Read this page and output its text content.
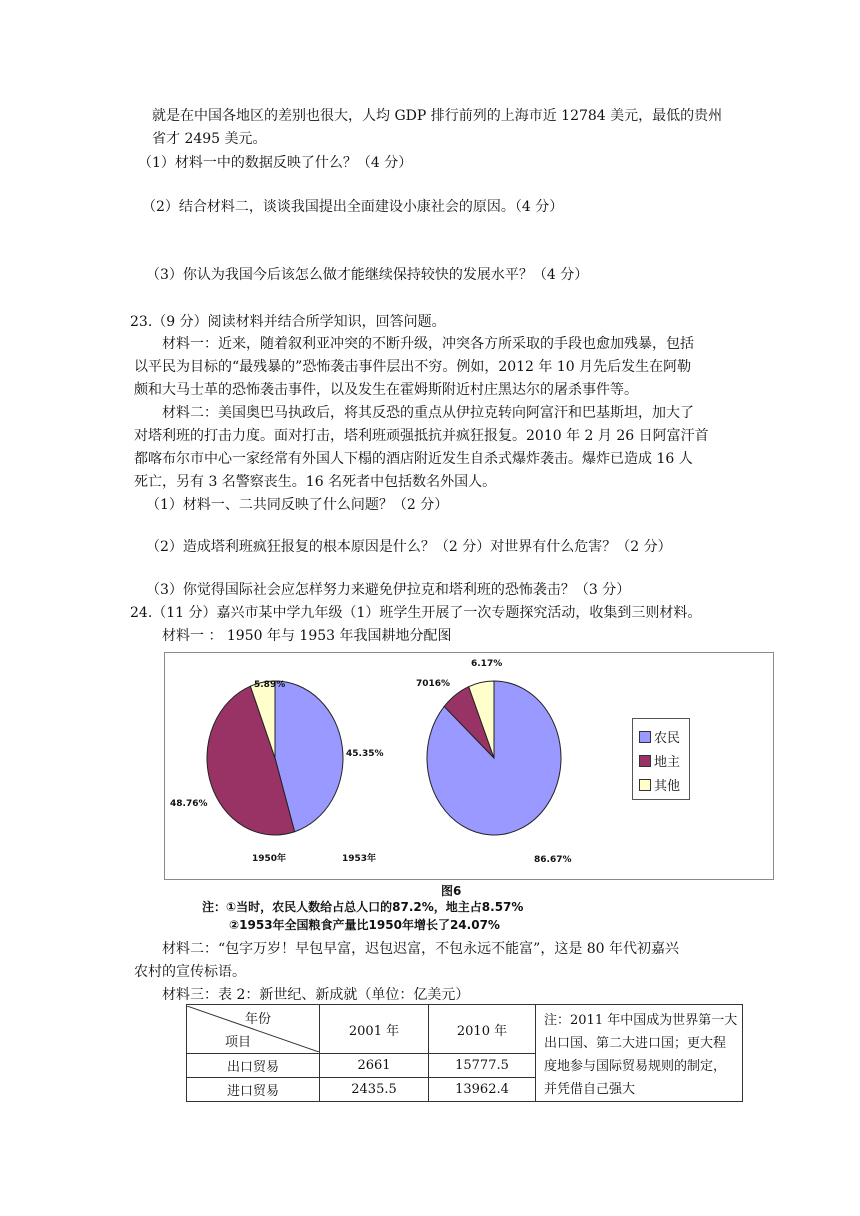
就是在中国各地区的差别也很大，人均 GDP 排行前列的上海市近 12784 美元，最低的贵州
省才 2495 美元。
（1）材料一中的数据反映了什么？（4 分）
（2）结合材料二，谈谈我国提出全面建设小康社会的原因。（4 分）
（3）你认为我国今后该怎么做才能继续保持较快的发展水平？（4 分）
23.（9 分）阅读材料并结合所学知识，回答问题。
材料一：近来，随着叙利亚冲突的不断升级，冲突各方所采取的手段也愈加残暴，包括
以平民为目标的“最残暴的”恐怖袭击事件层出不穷。例如，2012 年 10 月先后发生在阿勒
颇和大马士革的恐怖袭击事件，以及发生在霍姆斯附近村庄黑达尔的屠杀事件等。
材料二：美国奥巴马执政后，将其反恐的重点从伊拉克转向阿富汗和巴基斯坦，加大了
对塔利班的打击力度。面对打击，塔利班顽强抵抗并疯狂报复。2010 年 2 月 26 日阿富汗首
都喀布尔市中心一家经常有外国人下榻的酒店附近发生自杀式爆炸袭击。爆炸已造成 16 人
死亡，另有 3 名警察丧生。16 名死者中包括数名外国人。
（1）材料一、二共同反映了什么问题？（2 分）
（2）造成塔利班疯狂报复的根本原因是什么？（2 分）对世界有什么危害？（2 分）
（3）你觉得国际社会应怎样努力来避免伊拉克和塔利班的恐怖袭击？（3 分）
24.（11 分）嘉兴市某中学九年级（1）班学生开展了一次专题探究活动，收集到三则材料。
材料一 ： 1950 年与 1953 年我国耕地分配图
1950年	1953年
5.89%
45.35%
48.76%
6.17%
7016%
86.67%
农民
地主
其他
图6
注：①当时，农民人数给占总人口的87.2%，地主占8.57%
②1953年全国粮食产量比1950年增长了24.07%
材料二：“包字万岁！早包早富，迟包迟富，不包永远不能富”，这是 80 年代初嘉兴
农村的宣传标语。
材料三：表 2：新世纪、新成就（单位：亿美元）
年份
项目	2001 年	2010 年	注：2011 年中国成为世界第一大出口国、第二大进口国；更大程度地参与国际贸易规则的制定，并凭借自己强大
出口贸易	2661	15777.5	
进口贸易	2435.5	13962.4	
